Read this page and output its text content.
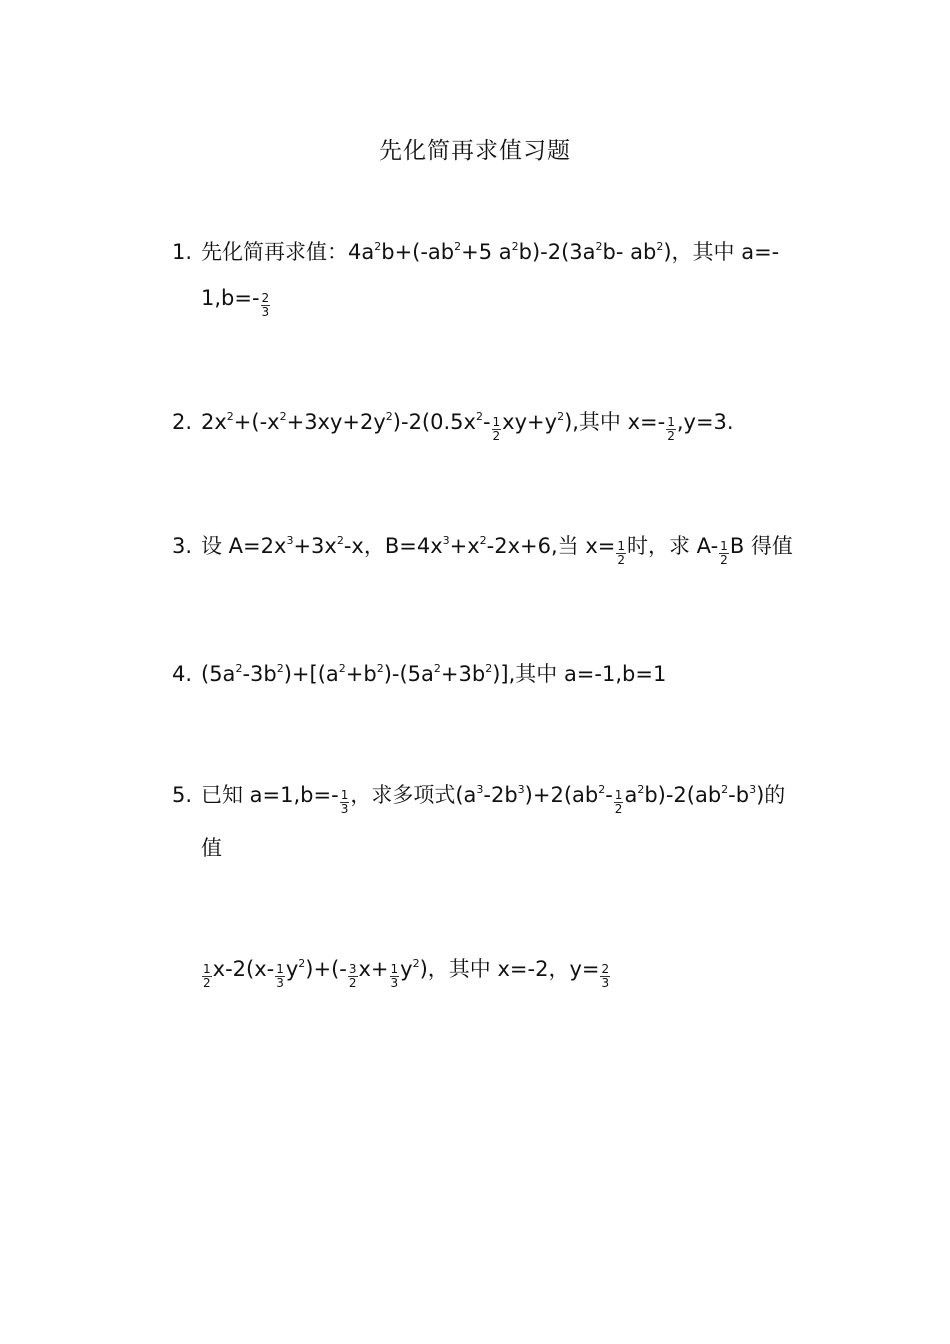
先化简再求值习题
1. 先化简再求值：$4a^2b+(-ab^2+5$ $a^2b)-2(3a^2b-$ $ab^2$)，其中 a=-
$1,b=- \frac{2}{3}$
2. $2x^2+(-x^2+3xy+2y^2)-2(0.5x^2- \frac{1}{2} xy+y^2)$,其中 $x=- \frac{1}{2} ,y=3$.
3. 设 $A=2x^3+3x^2-x$，$B=4x^3+x^2-2x+6$,当 $x= \frac{1}{2}$ 时，求 $A- \frac{1}{2}$ B 得值
4. $(5a^2-3b^2)+[(a^2+b^2)-(5a^2+3b^2)]$,其中 a=-1,b=1
5. 已知 $a=1,b=- \frac{1}{3}$ ，求多项式$(a^3-2b^3)+2(ab^2- \frac{1}{2} a^2b)-2(ab^2-b^3)$的
值
$\frac{1}{2} x-2(x- \frac{1}{3} y^2)+(- \frac{3}{2} x+ \frac{1}{3} y^2)$，其中 x=-2，$y= \frac{2}{3}$
